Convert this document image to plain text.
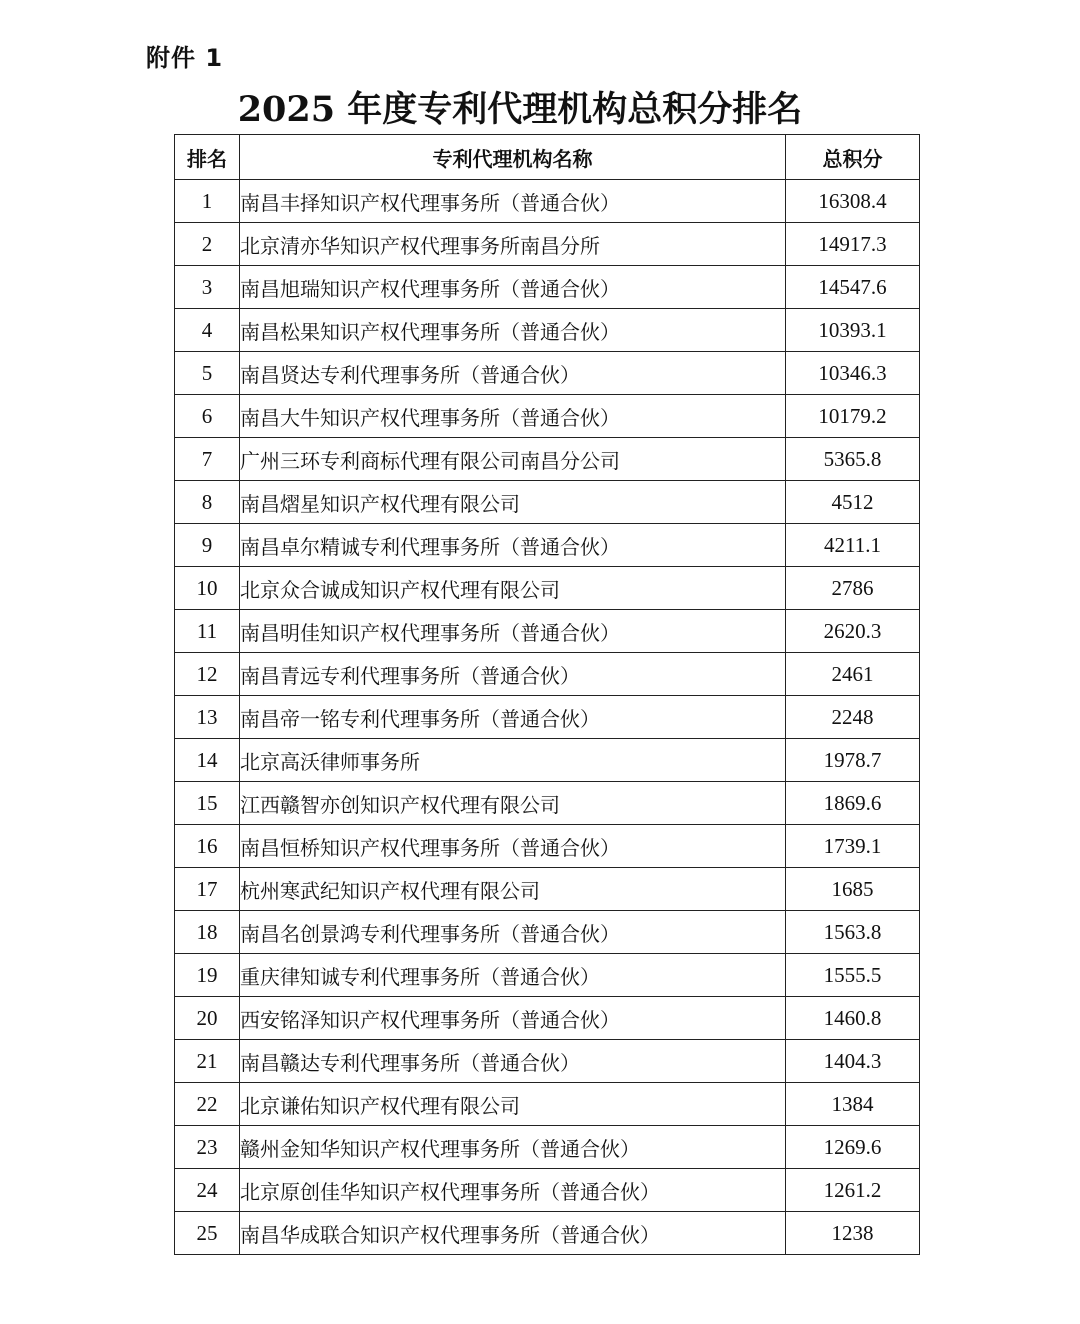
附件 1
2025 年度专利代理机构总积分排名
排名	专利代理机构名称	总积分
1	南昌丰择知识产权代理事务所（普通合伙）	16308.4
2	北京清亦华知识产权代理事务所南昌分所	14917.3
3	南昌旭瑞知识产权代理事务所（普通合伙）	14547.6
4	南昌松果知识产权代理事务所（普通合伙）	10393.1
5	南昌贤达专利代理事务所（普通合伙）	10346.3
6	南昌大牛知识产权代理事务所（普通合伙）	10179.2
7	广州三环专利商标代理有限公司南昌分公司	5365.8
8	南昌熠星知识产权代理有限公司	4512
9	南昌卓尔精诚专利代理事务所（普通合伙）	4211.1
10	北京众合诚成知识产权代理有限公司	2786
11	南昌明佳知识产权代理事务所（普通合伙）	2620.3
12	南昌青远专利代理事务所（普通合伙）	2461
13	南昌帝一铭专利代理事务所（普通合伙）	2248
14	北京高沃律师事务所	1978.7
15	江西赣智亦创知识产权代理有限公司	1869.6
16	南昌恒桥知识产权代理事务所（普通合伙）	1739.1
17	杭州寒武纪知识产权代理有限公司	1685
18	南昌名创景鸿专利代理事务所（普通合伙）	1563.8
19	重庆律知诚专利代理事务所（普通合伙）	1555.5
20	西安铭泽知识产权代理事务所（普通合伙）	1460.8
21	南昌赣达专利代理事务所（普通合伙）	1404.3
22	北京谦佑知识产权代理有限公司	1384
23	赣州金知华知识产权代理事务所（普通合伙）	1269.6
24	北京原创佳华知识产权代理事务所（普通合伙）	1261.2
25	南昌华成联合知识产权代理事务所（普通合伙）	1238
